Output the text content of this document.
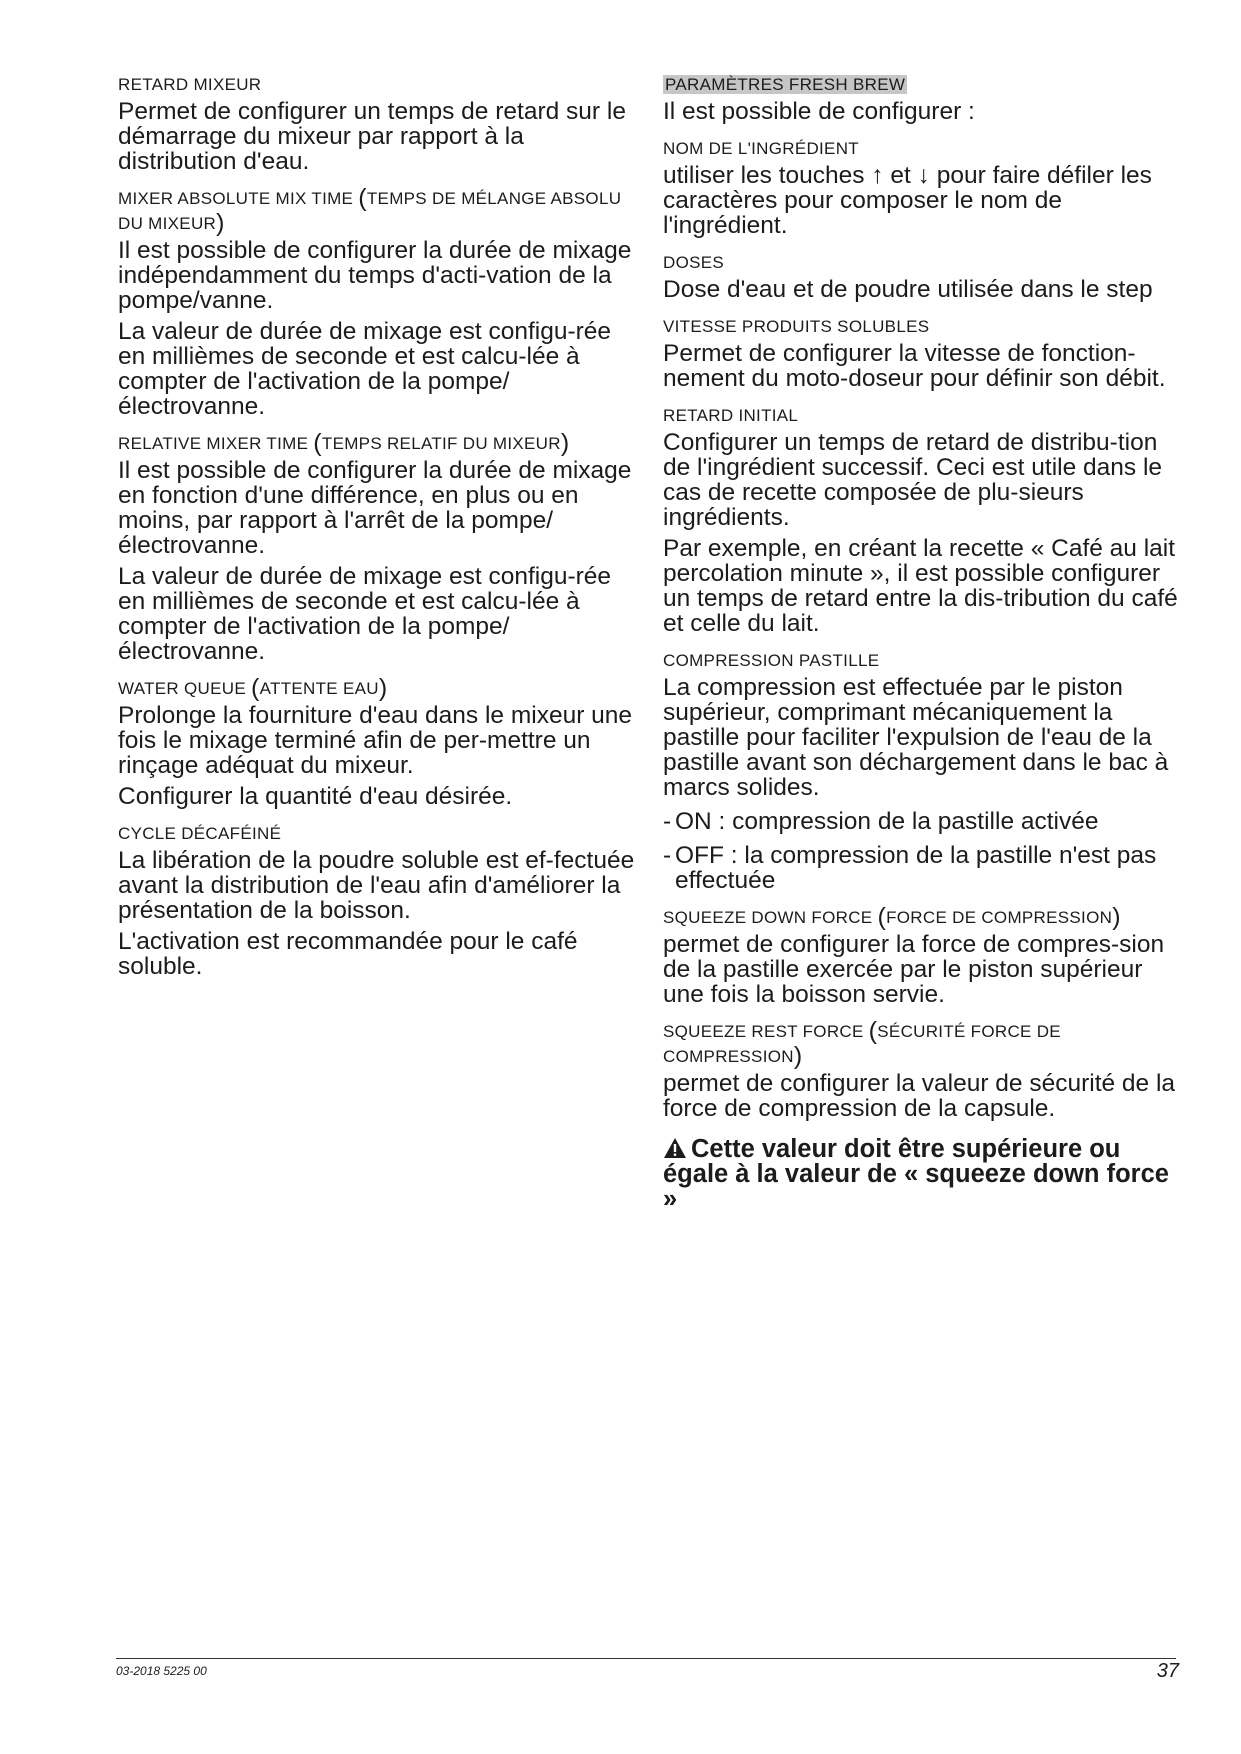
RETARD MIXEUR

Permet de configurer un temps de retard sur le démarrage du mixeur par rapport à la distribution d'eau.

MIXER ABSOLUTE MIX TIME (TEMPS DE MÉLANGE ABSOLU DU MIXEUR)

Il est possible de configurer la durée de mixage indépendamment du temps d'acti-vation de la pompe/vanne.

La valeur de durée de mixage est configu-rée en millièmes de seconde et est calcu-lée à compter de l'activation de la pompe/ électrovanne.

RELATIVE MIXER TIME (TEMPS RELATIF DU MIXEUR)

Il est possible de configurer la durée de mixage en fonction d'une différence, en plus ou en moins, par rapport à l'arrêt de la pompe/électrovanne.

La valeur de durée de mixage est configu-rée en millièmes de seconde et est calcu-lée à compter de l'activation de la pompe/ électrovanne.

WATER QUEUE (ATTENTE EAU)

Prolonge la fourniture d'eau dans le mixeur une fois le mixage terminé afin de per-mettre un rinçage adéquat du mixeur.

Configurer la quantité d'eau désirée.

CYCLE DÉCAFÉINÉ

La libération de la poudre soluble est ef-fectuée avant la distribution de l'eau afin d'améliorer la présentation de la boisson.

L'activation est recommandée pour le café soluble.

PARAMÈTRES FRESH BREW

Il est possible de configurer :

NOM DE L'INGRÉDIENT

utiliser les touches ↑ et ↓ pour faire défiler les caractères pour composer le nom de l'ingrédient.

DOSES

Dose d'eau et de poudre utilisée dans le step

VITESSE PRODUITS SOLUBLES

Permet de configurer la vitesse de fonction-nement du moto-doseur pour définir son débit.

RETARD INITIAL

Configurer un temps de retard de distribu-tion de l'ingrédient successif. Ceci est utile dans le cas de recette composée de plu-sieurs ingrédients.

Par exemple, en créant la recette « Café au lait percolation minute », il est possible configurer un temps de retard entre la dis-tribution du café et celle du lait.

COMPRESSION PASTILLE

La compression est effectuée par le piston supérieur, comprimant mécaniquement la pastille pour faciliter l'expulsion de l'eau de la pastille avant son déchargement dans le bac à marcs solides.

- ON : compression de la pastille activée
- OFF : la compression de la pastille n'est pas effectuée
SQUEEZE DOWN FORCE (FORCE DE COMPRESSION)

permet de configurer la force de compres-sion de la pastille exercée par le piston supérieur une fois la boisson servie.

SQUEEZE REST FORCE (SÉCURITÉ FORCE DE COMPRESSION)

permet de configurer la valeur de sécurité de la force de compression de la capsule.

Cette valeur doit être supérieure ou égale à la valeur de « squeeze down force »
03-2018 5225 00	37
